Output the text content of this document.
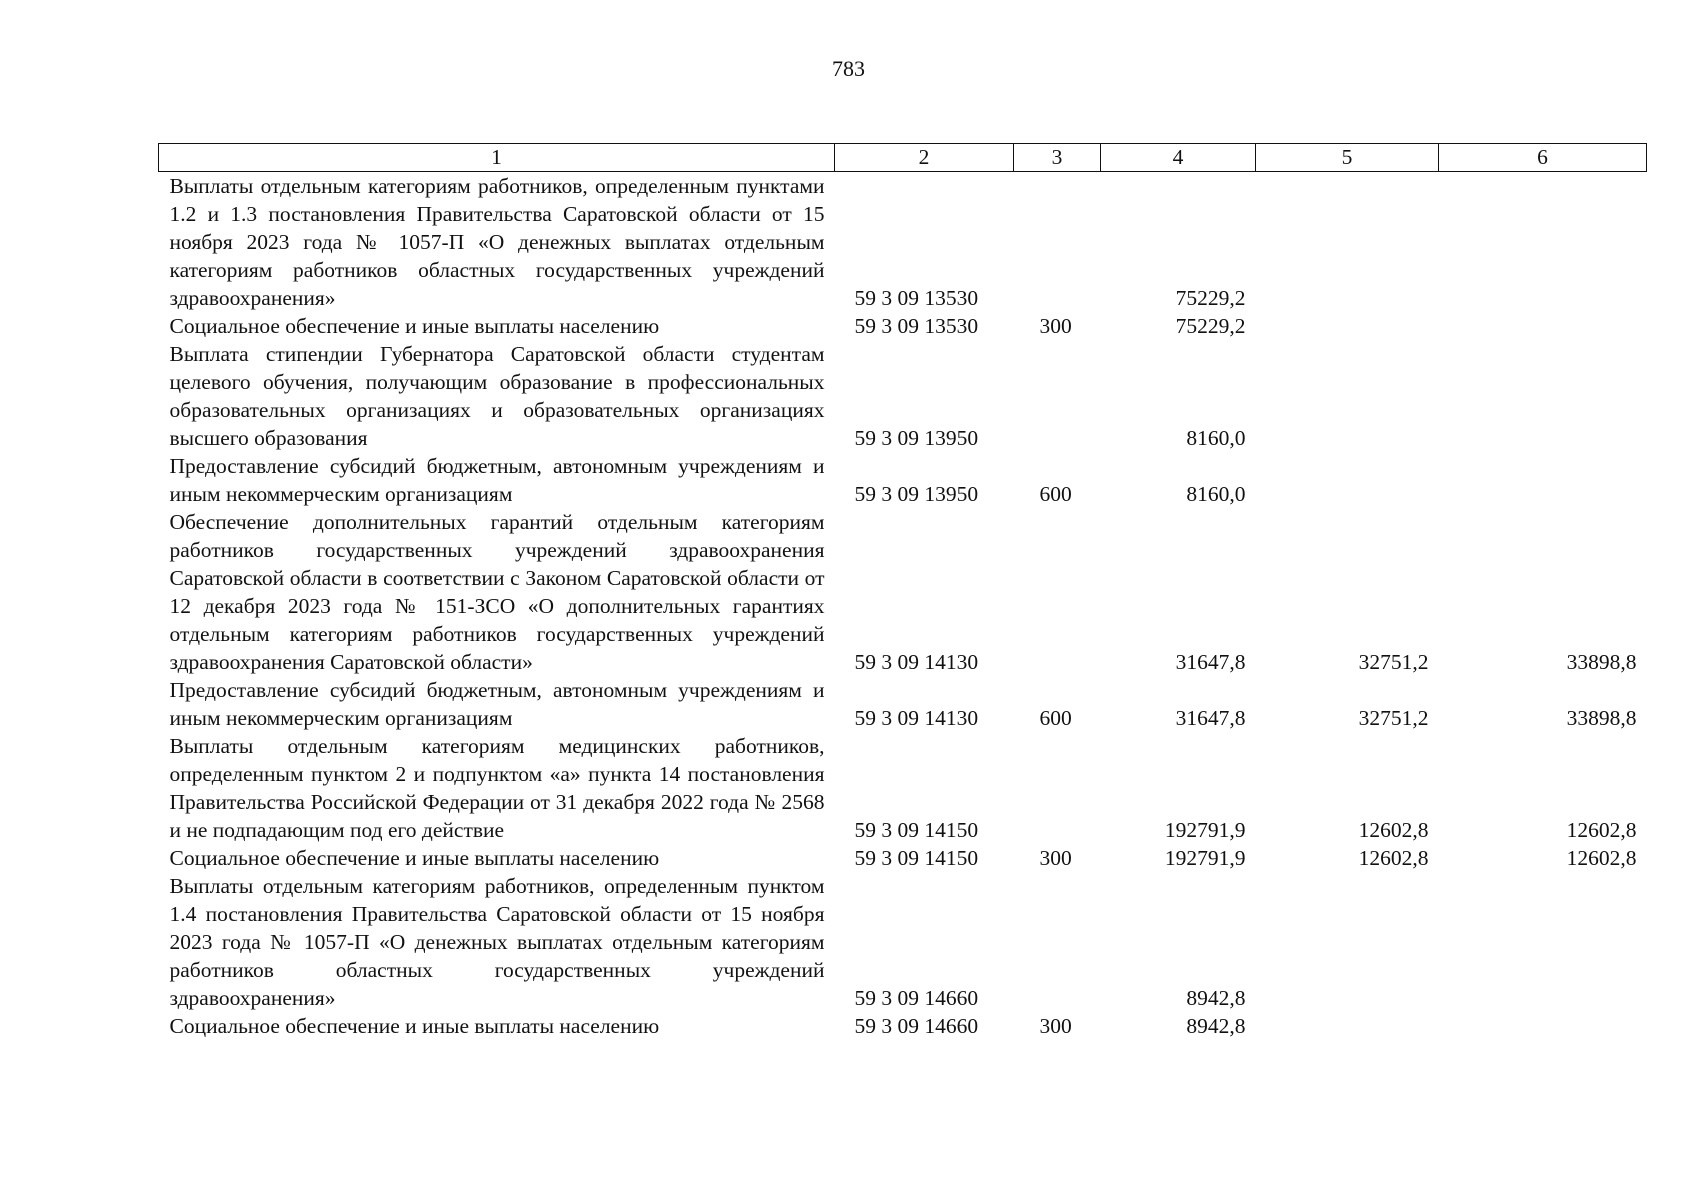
783
1	2	3	4	5	6
Выплаты отдельным категориям работников, определенным пунктами 1.2 и 1.3 постановления Правительства Саратовской области от 15 ноября 2023 года № 1057-П «О денежных выплатах отдельным категориям работников областных государственных учреждений здравоохранения»	59 3 09 13530		75229,2		
Социальное обеспечение и иные выплаты населению	59 3 09 13530	300	75229,2		
Выплата стипендии Губернатора Саратовской области студентам целевого обучения, получающим образование в профессиональных образовательных организациях и образовательных организациях высшего образования	59 3 09 13950		8160,0		
Предоставление субсидий бюджетным, автономным учреждениям и иным некоммерческим организациям	59 3 09 13950	600	8160,0		
Обеспечение дополнительных гарантий отдельным категориям работников государственных учреждений здравоохранения Саратовской области в соответствии с Законом Саратовской области от 12 декабря 2023 года № 151-ЗСО «О дополнительных гарантиях отдельным категориям работников государственных учреждений здравоохранения Саратовской области»	59 3 09 14130		31647,8	32751,2	33898,8
Предоставление субсидий бюджетным, автономным учреждениям и иным некоммерческим организациям	59 3 09 14130	600	31647,8	32751,2	33898,8
Выплаты отдельным категориям медицинских работников, определенным пунктом 2 и подпунктом «а» пункта 14 постановления Правительства Российской Федерации от 31 декабря 2022 года № 2568 и не подпадающим под его действие	59 3 09 14150		192791,9	12602,8	12602,8
Социальное обеспечение и иные выплаты населению	59 3 09 14150	300	192791,9	12602,8	12602,8
Выплаты отдельным категориям работников, определенным пунктом 1.4 постановления Правительства Саратовской области от 15 ноября 2023 года № 1057-П «О денежных выплатах отдельным категориям работников областных государственных учреждений здравоохранения»	59 3 09 14660		8942,8		
Социальное обеспечение и иные выплаты населению	59 3 09 14660	300	8942,8		
